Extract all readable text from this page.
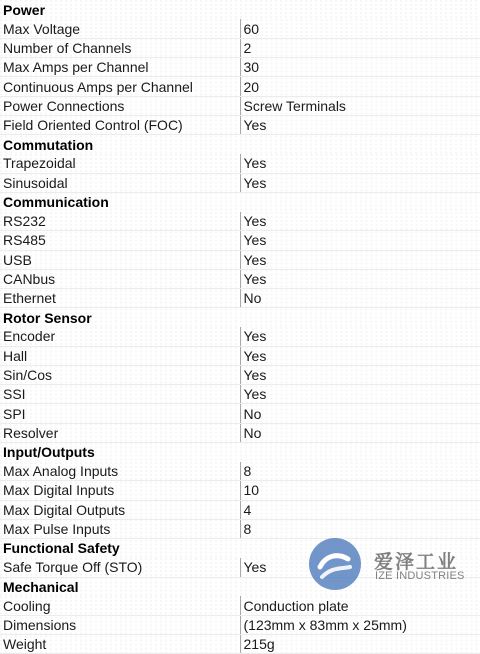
Power	
Max Voltage	60
Number of Channels	2
Max Amps per Channel	30
Continuous Amps per Channel	20
Power Connections	Screw Terminals
Field Oriented Control (FOC)	Yes
Commutation	
Trapezoidal	Yes
Sinusoidal	Yes
Communication	
RS232	Yes
RS485	Yes
USB	Yes
CANbus	Yes
Ethernet	No
Rotor Sensor	
Encoder	Yes
Hall	Yes
Sin/Cos	Yes
SSI	Yes
SPI	No
Resolver	No
Input/Outputs	
Max Analog Inputs	8
Max Digital Inputs	10
Max Digital Outputs	4
Max Pulse Inputs	8
Functional Safety	
Safe Torque Off (STO)	Yes
Mechanical	
Cooling	Conduction plate
Dimensions	(123mm x 83mm x 25mm)
Weight	215g
爱泽工业
IZE INDUSTRIES
